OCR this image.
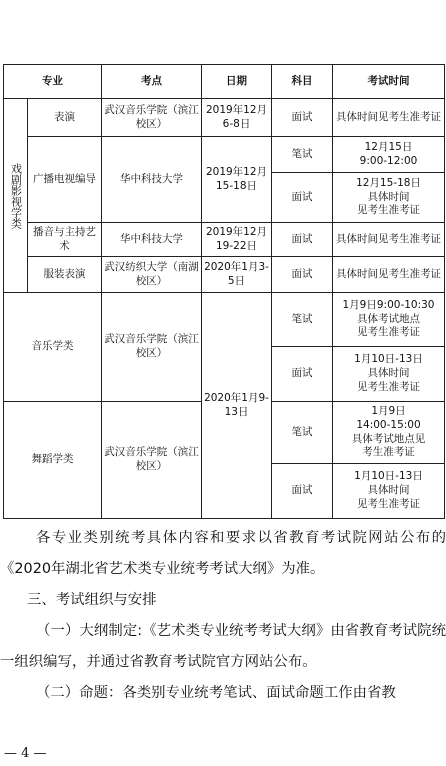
专业		考点	日期	科目	考试时间

戏剧影视学类	表演	武汉音乐学院（滨江校区）	2019年12月6-8日	面试	具体时间见考生准考证
	广播电视编导	华中科技大学	2019年12月15-18日	笔试	12月15日
9:00-12:00

				面试	12月15-18日
具体时间
见考生准考证

	播音与主持艺术	华中科技大学	2019年12月19-22日	面试	具体时间见考生准考证
	服装表演	武汉纺织大学（南湖校区）	2020年1月3-5日	面试	具体时间见考生准考证
音乐学类		武汉音乐学院（滨江校区）	2020年1月9-13日	笔试	1月9日9:00-10:30
具体考试地点
见考生准考证

				面试	1月10日-13日
具体时间
见考生准考证

舞蹈学类		武汉音乐学院（滨江校区）		笔试	1月9日
14:00-15:00
具体考试地点见
考生准考证

				面试	1月10日-13日
具体时间
见考生准考证

各专业类别统考具体内容和要求以省教育考试院网站公布的《2020年湖北省艺术类专业统考考试大纲》为准。

三、考试组织与安排

（一）大纲制定:《艺术类专业统考考试大纲》由省教育考试院统一组织编写，并通过省教育考试院官方网站公布。

（二）命题：各类别专业统考笔试、面试命题工作由省教

— 4 —
